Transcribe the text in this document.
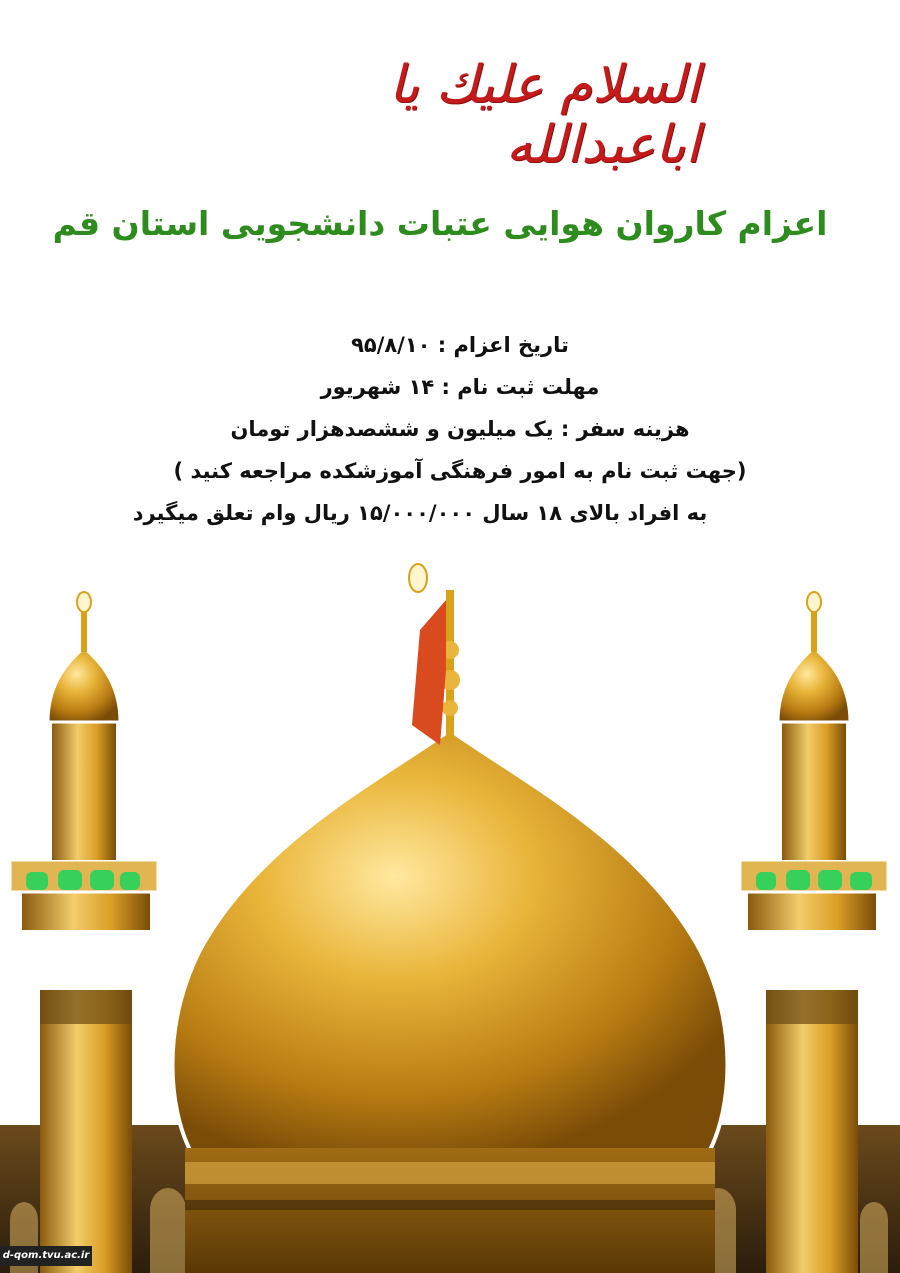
السلام عليك يا اباعبدالله
اعزام کاروان هوایی عتبات دانشجویی استان قم
تاریخ اعزام : ۹۵/۸/۱۰
مهلت ثبت نام : ۱۴ شهریور
هزینه سفر : یک میلیون و ششصدهزار تومان
(جهت ثبت نام به امور فرهنگی آموزشکده مراجعه کنید )
به افراد بالای ۱۸ سال ۱۵/۰۰۰/۰۰۰ ریال وام تعلق میگیرد
d-qom.tvu.ac.ir
